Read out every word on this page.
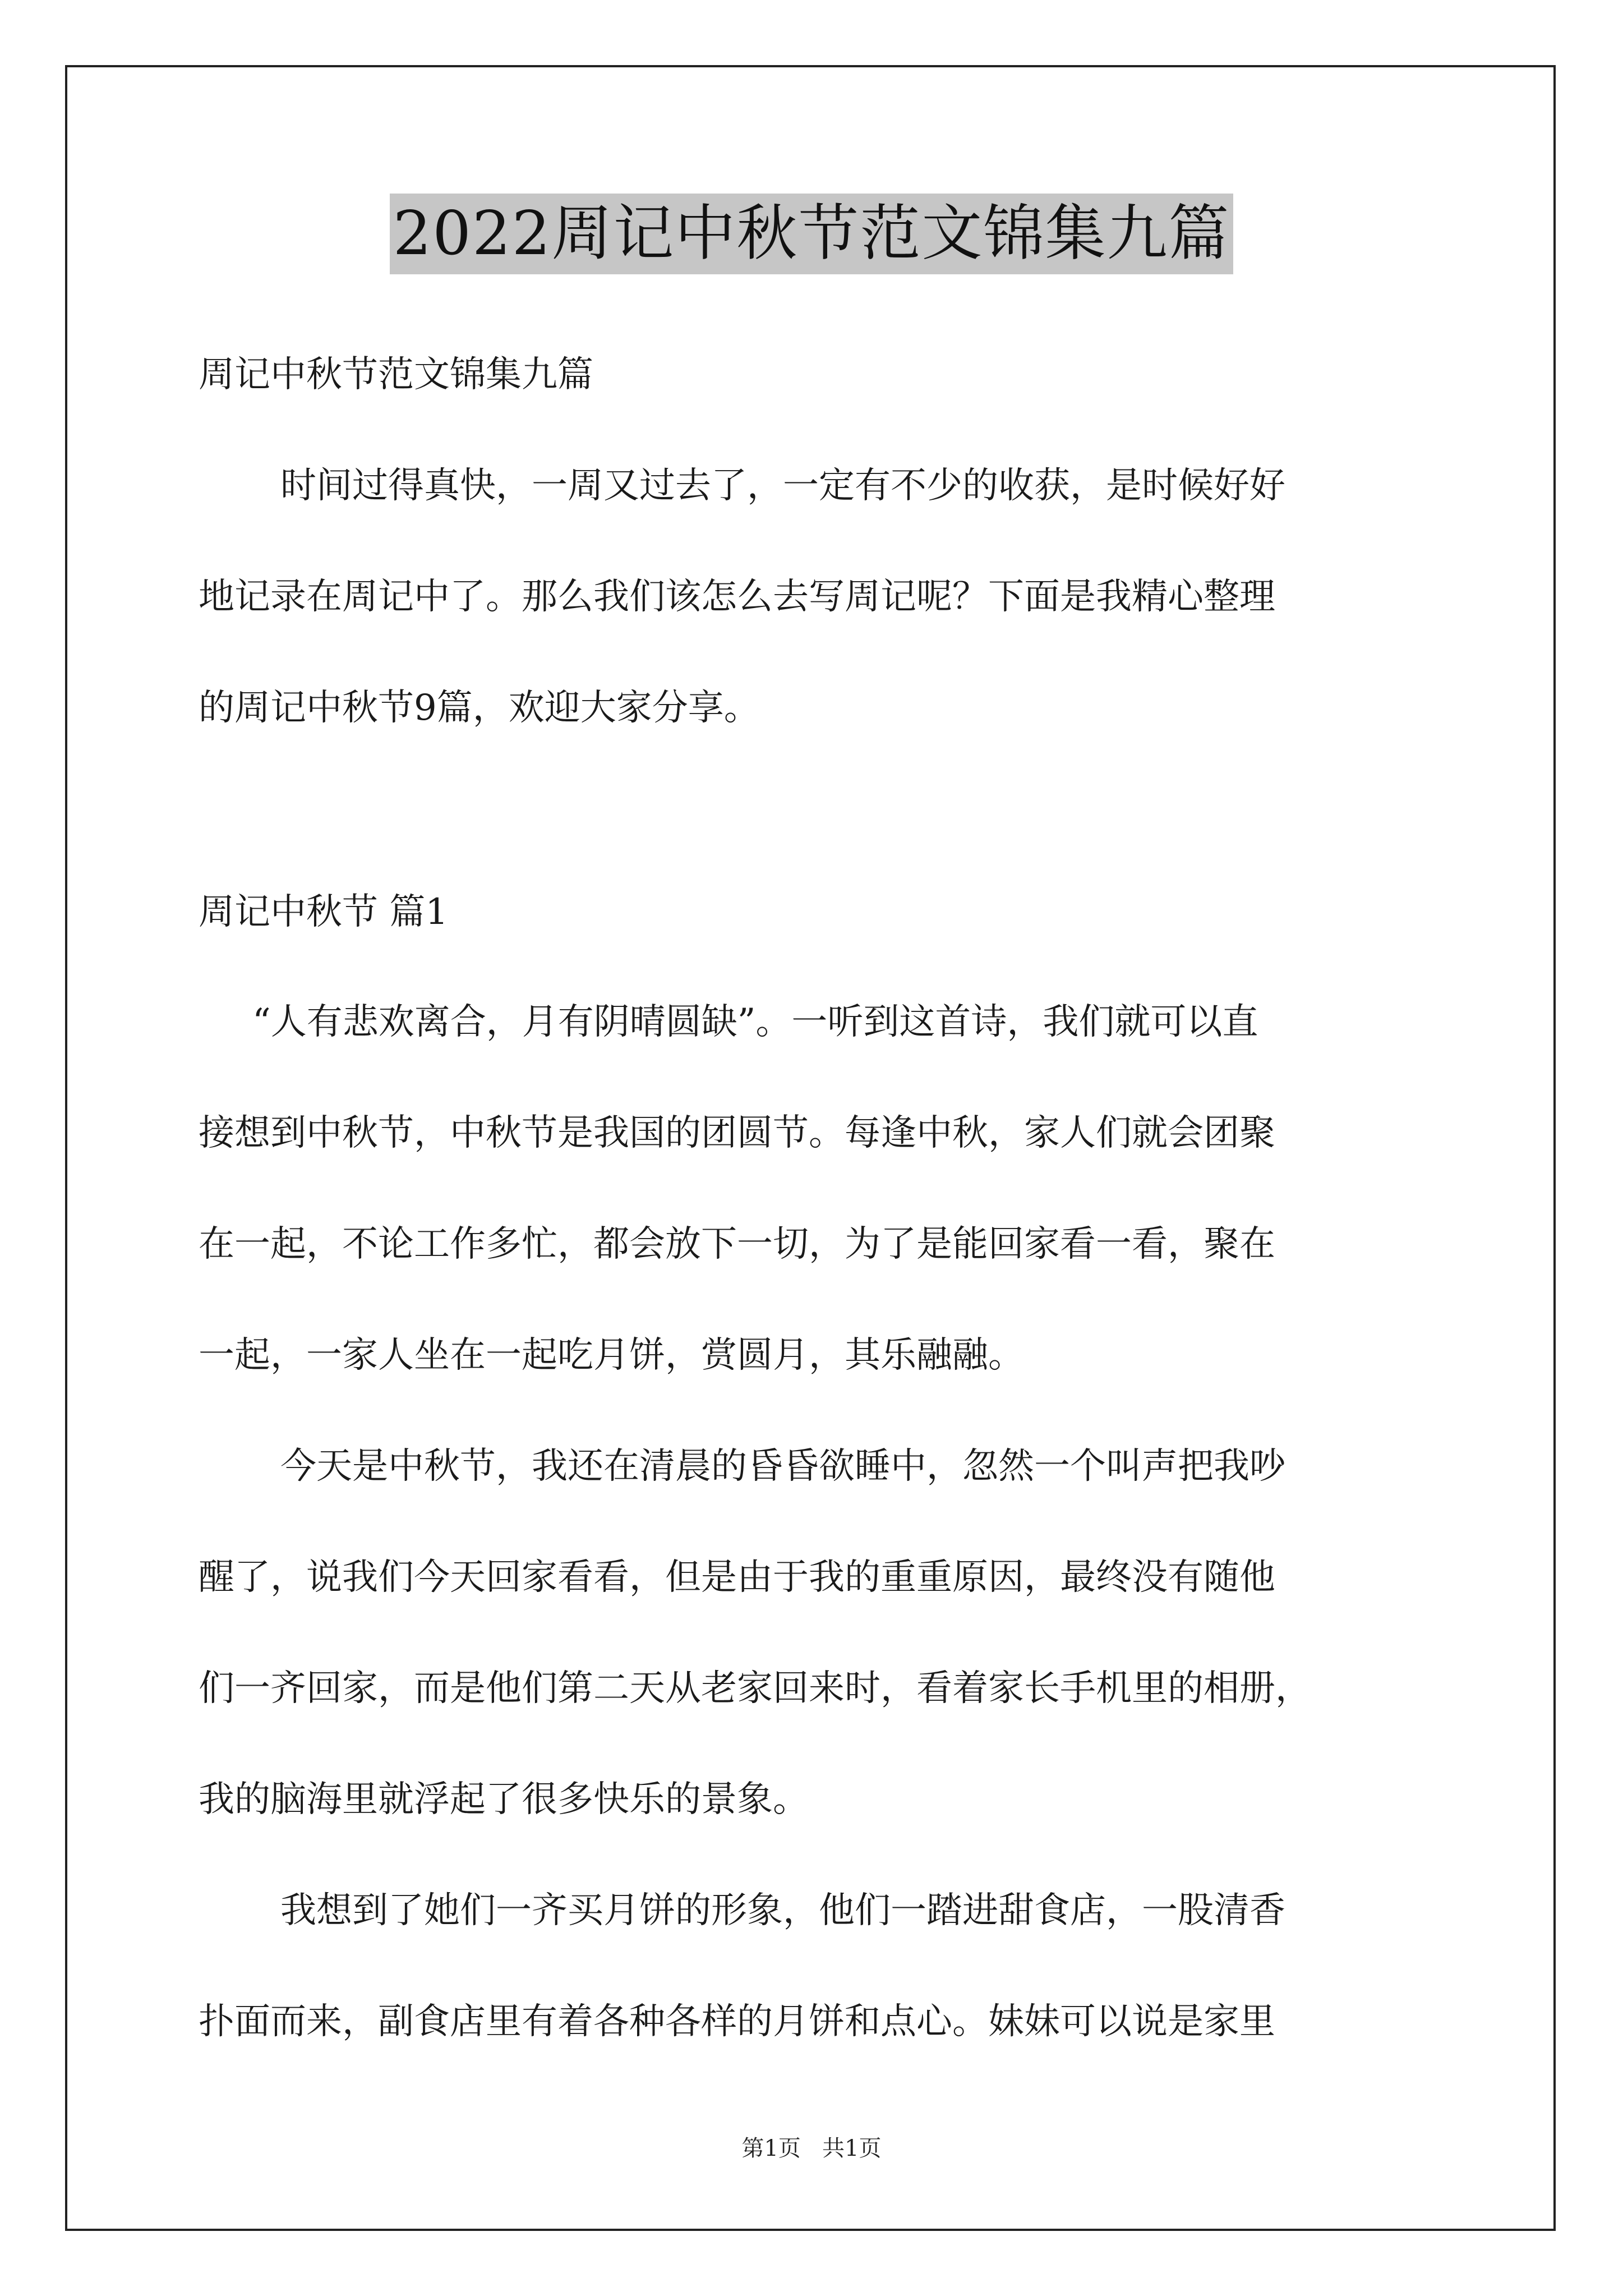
2022周记中秋节范文锦集九篇
周记中秋节范文锦集九篇
时间过得真快，一周又过去了，一定有不少的收获，是时候好好
地记录在周记中了。那么我们该怎么去写周记呢？下面是我精心整理
的周记中秋节9篇，欢迎大家分享。
周记中秋节 篇1
“人有悲欢离合，月有阴晴圆缺”。一听到这首诗，我们就可以直
接想到中秋节，中秋节是我国的团圆节。每逢中秋，家人们就会团聚
在一起，不论工作多忙，都会放下一切，为了是能回家看一看，聚在
一起，一家人坐在一起吃月饼，赏圆月，其乐融融。
今天是中秋节，我还在清晨的昏昏欲睡中，忽然一个叫声把我吵
醒了，说我们今天回家看看，但是由于我的重重原因，最终没有随他
们一齐回家，而是他们第二天从老家回来时，看着家长手机里的相册，
我的脑海里就浮起了很多快乐的景象。
我想到了她们一齐买月饼的形象，他们一踏进甜食店，一股清香
扑面而来，副食店里有着各种各样的月饼和点心。妹妹可以说是家里
第1页   共1页
